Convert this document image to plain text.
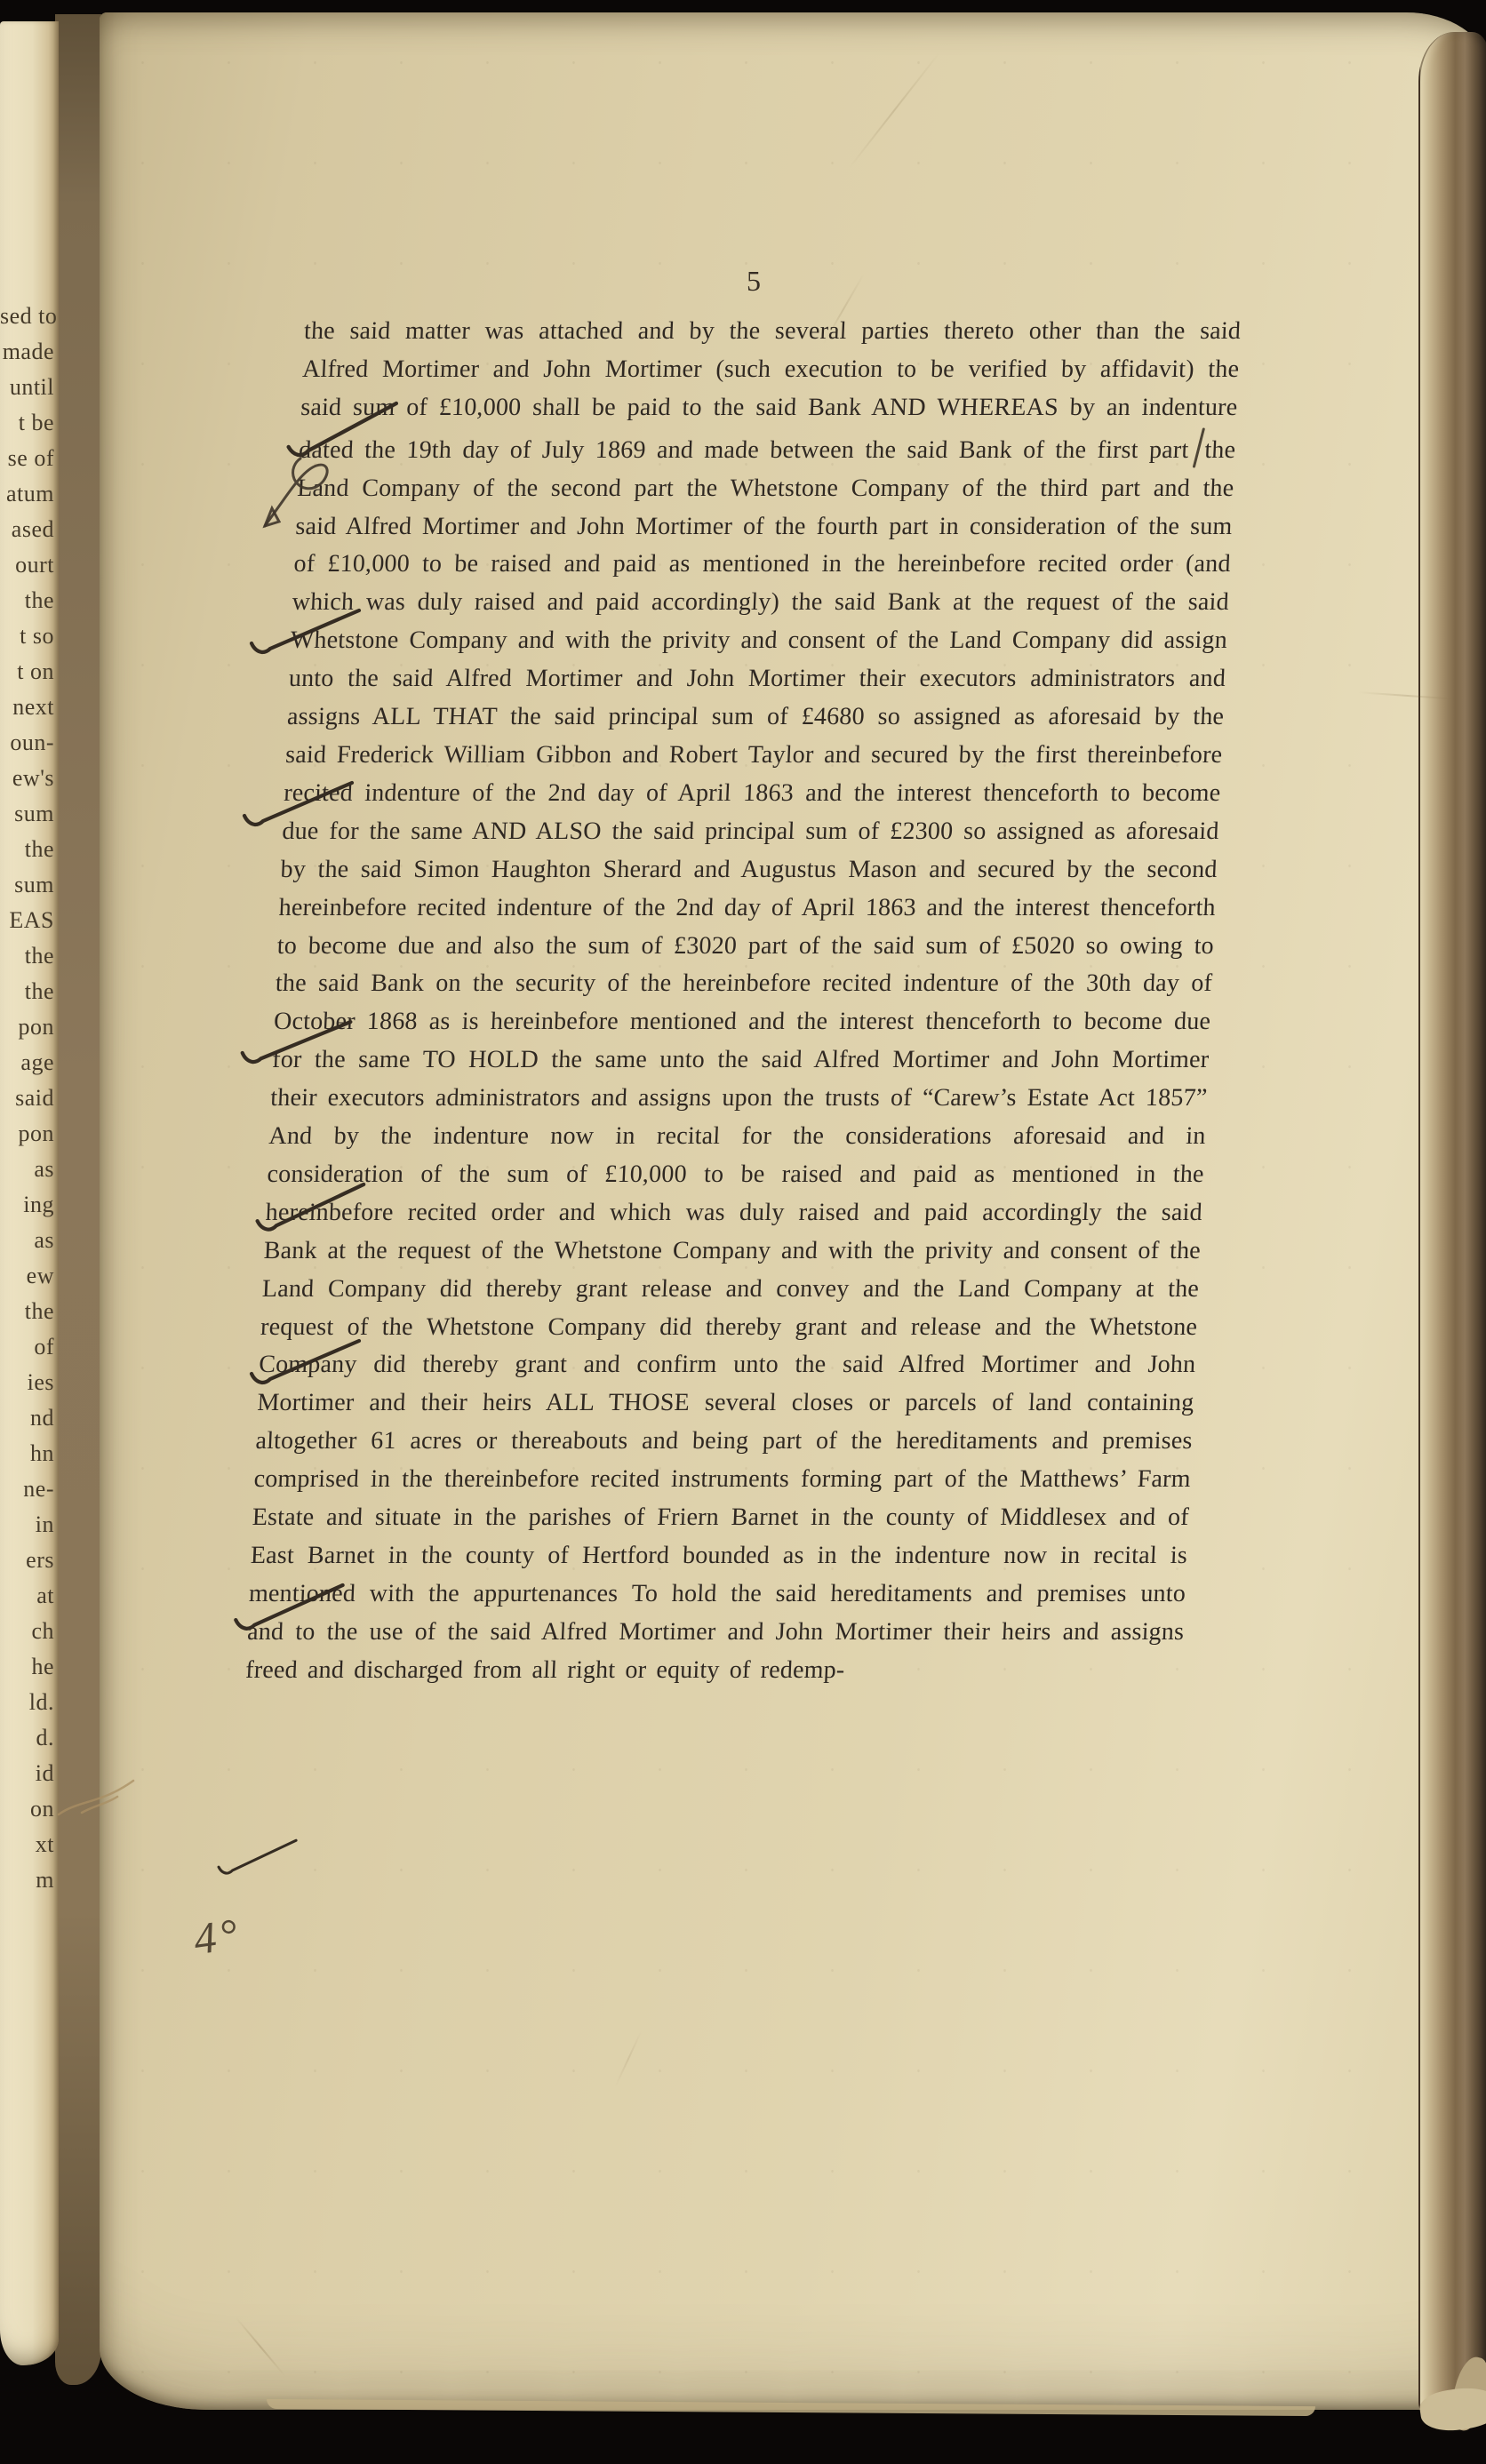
sed to
made
until
t be
se of
atum
ased
ourt
the
t so
t on
next
oun-
ew's
sum
the
sum
EAS
the
the
pon
age
said
pon
as
ing
as
ew
the
of
ies
nd
hn
ne-
in
ers
at
ch
he
ld.
d.
id
on
xt
m
5
the said matter was attached and by the several parties thereto other than the said Alfred Mortimer and John Mortimer (such execution to be verified by affidavit) the said sum of £10,000 shall be paid to the said Bank AND WHEREAS by an indenture dated the 19th day of July 1869 and made between the said Bank of the first part the Land Company of the second part the Whetstone Company of the third part and the said Alfred Mortimer and John Mortimer of the fourth part in consideration of the sum of £10,000 to be raised and paid as mentioned in the hereinbefore recited order (and which was duly raised and paid accordingly) the said Bank at the request of the said Whetstone Company and with the privity and consent of the Land Company did assign unto the said Alfred Mortimer and John Mortimer their executors administrators and assigns ALL THAT the said principal sum of £4680 so assigned as aforesaid by the said Frederick William Gibbon and Robert Taylor and secured by the first thereinbefore recited indenture of the 2nd day of April 1863 and the interest thenceforth to become due for the same AND ALSO the said principal sum of £2300 so assigned as aforesaid by the said Simon Haughton Sherard and Augustus Mason and secured by the second hereinbefore recited indenture of the 2nd day of April 1863 and the interest thenceforth to become due and also the sum of £3020 part of the said sum of £5020 so owing to the said Bank on the security of the hereinbefore recited indenture of the 30th day of October 1868 as is hereinbefore mentioned and the interest thenceforth to become due for the same TO HOLD the same unto the said Alfred Mortimer and John Mortimer their executors administrators and assigns upon the trusts of “Carew’s Estate Act 1857” And by the indenture now in recital for the considerations aforesaid and in consideration of the sum of £10,000 to be raised and paid as mentioned in the hereinbefore recited order and which was duly raised and paid accordingly the said Bank at the request of the Whetstone Company and with the privity and consent of the Land Company did thereby grant release and convey and the Land Company at the request of the Whetstone Company did thereby grant and release and the Whetstone Company did thereby grant and confirm unto the said Alfred Mortimer and John Mortimer and their heirs ALL THOSE several closes or parcels of land containing altogether 61 acres or thereabouts and being part of the hereditaments and premises comprised in the thereinbefore recited instruments forming part of the Matthews’ Farm Estate and situate in the parishes of Friern Barnet in the county of Middlesex and of East Barnet in the county of Hertford bounded as in the indenture now in recital is mentioned with the appurtenances To hold the said hereditaments and premises unto and to the use of the said Alfred Mortimer and John Mortimer their heirs and assigns freed and discharged from all right or equity of redemp-
4°
